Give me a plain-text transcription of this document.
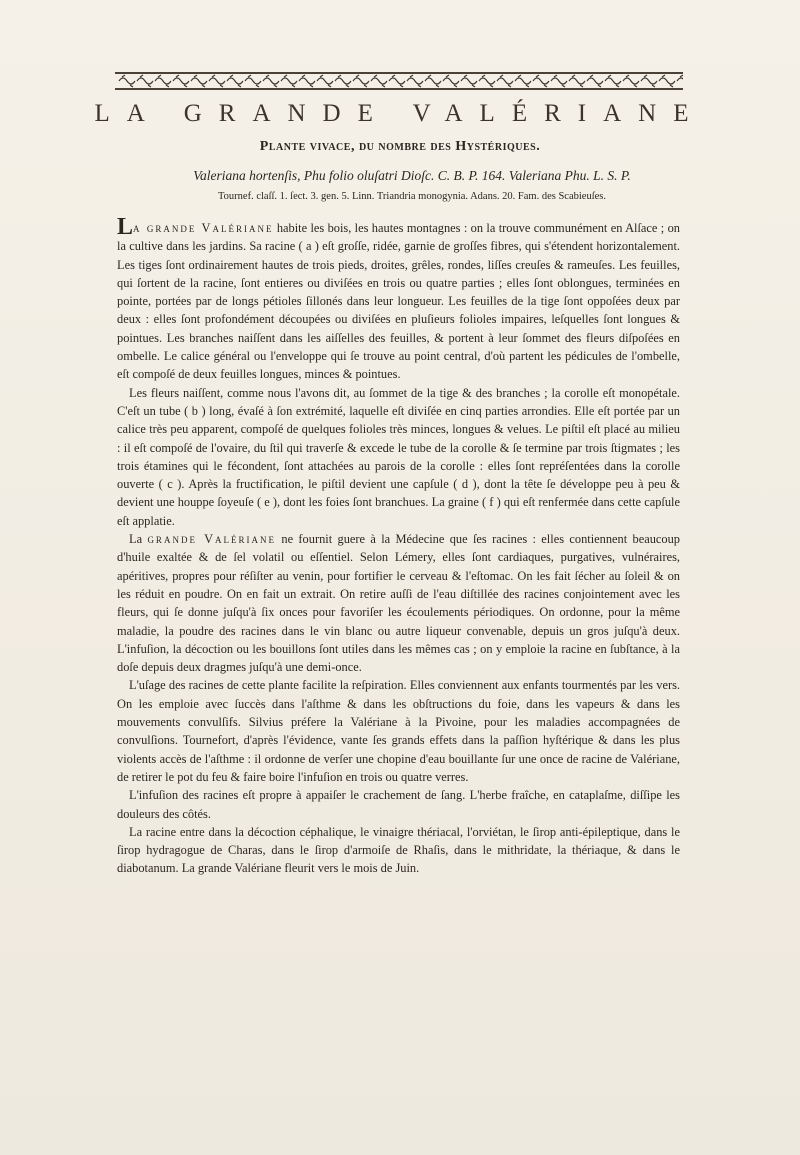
LA GRANDE VALÉRIANE
Plante vivace, du nombre des Hystériques.
Valeriana hortenſis, Phu folio oluſatri Dioſc. C. B. P. 164. Valeriana Phu. L. S. P.
Tournef. claſſ. 1. ſect. 3. gen. 5. Linn. Triandria monogynia. Adans. 20. Fam. des Scabieuſes.

La grande Valériane habite les bois, les hautes montagnes : on la trouve communément en Alſace ; on la cultive dans les jardins. Sa racine ( a ) eſt groſſe, ridée, garnie de groſſes fibres, qui s'étendent horizontalement. Les tiges ſont ordinairement hautes de trois pieds, droites, grêles, rondes, liſſes creuſes & rameuſes. Les feuilles, qui ſortent de la racine, ſont entieres ou diviſées en trois ou quatre parties ; elles ſont oblongues, terminées en pointe, portées par de longs pétioles ſillonés dans leur longueur. Les feuilles de la tige ſont oppoſées deux par deux : elles ſont profondément découpées ou diviſées en pluſieurs folioles impaires, leſquelles ſont longues & pointues. Les branches naiſſent dans les aiſſelles des feuilles, & portent à leur ſommet des fleurs diſpoſées en ombelle. Le calice général ou l'enveloppe qui ſe trouve au point central, d'où partent les pédicules de l'ombelle, eſt compoſé de deux feuilles longues, minces & pointues.

Les fleurs naiſſent, comme nous l'avons dit, au ſommet de la tige & des branches ; la corolle eſt monopétale. C'eſt un tube ( b ) long, évaſé à ſon extrémité, laquelle eſt diviſée en cinq parties arrondies. Elle eſt portée par un calice très peu apparent, compoſé de quelques folioles très minces, longues & velues. Le piſtil eſt placé au milieu : il eſt compoſé de l'ovaire, du ſtil qui traverſe & excede le tube de la corolle & ſe termine par trois ſtigmates ; les trois étamines qui le fécondent, ſont attachées au parois de la corolle : elles ſont repréſentées dans la corolle ouverte ( c ). Après la fructification, le piſtil devient une capſule ( d ), dont la tête ſe développe peu à peu & devient une houppe ſoyeuſe ( e ), dont les foies ſont branchues. La graine ( f ) qui eſt renfermée dans cette capſule eſt applatie.

La grande Valériane ne fournit guere à la Médecine que ſes racines : elles contiennent beaucoup d'huile exaltée & de ſel volatil ou eſſentiel. Selon Lémery, elles ſont cardiaques, purgatives, vulnéraires, apéritives, propres pour réſiſter au venin, pour fortifier le cerveau & l'eſtomac. On les fait ſécher au ſoleil & on les réduit en poudre. On en fait un extrait. On retire auſſi de l'eau diſtillée des racines conjointement avec les fleurs, qui ſe donne juſqu'à ſix onces pour favoriſer les écoulements périodiques. On ordonne, pour la même maladie, la poudre des racines dans le vin blanc ou autre liqueur convenable, depuis un gros juſqu'à deux. L'infuſion, la décoction ou les bouillons ſont utiles dans les mêmes cas ; on y emploie la racine en ſubſtance, à la doſe depuis deux dragmes juſqu'à une demi-once.

L'uſage des racines de cette plante facilite la reſpiration. Elles conviennent aux enfants tourmentés par les vers. On les emploie avec ſuccès dans l'aſthme & dans les obſtructions du foie, dans les vapeurs & dans les mouvements convulſifs. Silvius préfere la Valériane à la Pivoine, pour les maladies accompagnées de convulſions. Tournefort, d'après l'évidence, vante ſes grands effets dans la paſſion hyſtérique & dans les plus violents accès de l'aſthme : il ordonne de verſer une chopine d'eau bouillante ſur une once de racine de Valériane, de retirer le pot du feu & faire boire l'infuſion en trois ou quatre verres.

L'infuſion des racines eſt propre à appaiſer le crachement de ſang. L'herbe fraîche, en cataplaſme, diſſipe les douleurs des côtés.

La racine entre dans la décoction céphalique, le vinaigre thériacal, l'orviétan, le ſirop anti-épileptique, dans le ſirop hydragogue de Charas, dans le ſirop d'armoiſe de Rhaſis, dans le mithridate, la thériaque, & dans le diabotanum. La grande Valériane fleurit vers le mois de Juin.
